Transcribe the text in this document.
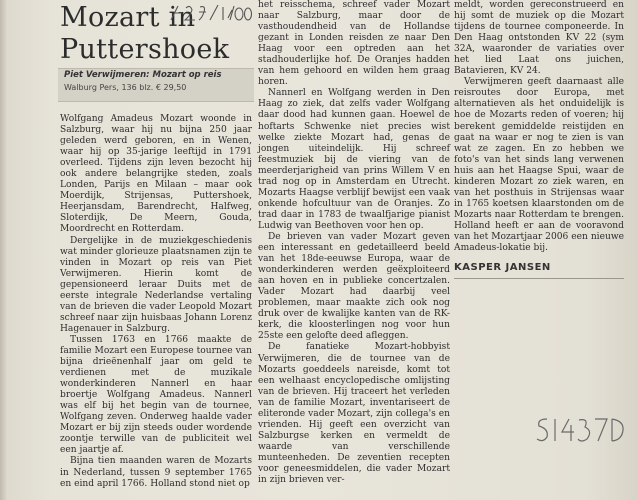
Mozart in
Puttershoek
Piet Verwijmeren: Mozart op reis
Walburg Pers, 136 blz. € 29,50

Wolfgang Amadeus Mozart woonde in Salzburg, waar hij nu bijna 250 jaar geleden werd geboren, en in Wenen, waar hij op 35-jarige leeftijd in 1791 overleed. Tijdens zijn leven bezocht hij ook andere belangrijke steden, zoals Londen, Parijs en Milaan – maar ook Moerdijk, Strijensas, Puttershoek, Heerjansdam, Barendrecht, Halfweg, Sloterdijk, De Meern, Gouda, Moordrecht en Rotterdam.

Dergelijke in de muziekgeschiedenis wat minder glorieuze plaatsnamen zijn te vinden in Mozart op reis van Piet Verwijmeren. Hierin komt de gepensioneerd leraar Duits met de eerste integrale Nederlandse vertaling van de brieven die vader Leopold Mozart schreef naar zijn huisbaas Johann Lorenz Hagenauer in Salzburg.

Tussen 1763 en 1766 maakte de familie Mozart een Europese tournee van bijna drieënenhalf jaar om geld te verdienen met de muzikale wonderkinderen Nannerl en haar broertje Wolfgang Amadeus. Nannerl was elf bij het begin van de tournee, Wolfgang zeven. Onderweg haalde vader Mozart er bij zijn steeds ouder wordende zoontje terwille van de publiciteit wel een jaartje af.

Bijna tien maanden waren de Mozarts in Nederland, tussen 9 september 1765 en eind april 1766. Holland stond niet op

het reisschema, schreef vader Mozart naar Salzburg, maar door de vasthoudendheid van de Hollandse gezant in Londen reisden ze naar Den Haag voor een optreden aan het stadhouderlijke hof. De Oranjes hadden van hem gehoord en wilden hem graag horen.

Nannerl en Wolfgang werden in Den Haag zo ziek, dat zelfs vader Wolfgang daar dood had kunnen gaan. Hoewel de hoftarts Schwenke niet precies wist welke ziekte Mozart had, genas de jongen uiteindelijk. Hij schreef feestmuziek bij de viering van de meerderjarigheid van prins Willem V en trad nog op in Amsterdam en Utrecht. Mozarts Haagse verblijf bewijst een vaak onkende hofcultuur van de Oranjes. Zo trad daar in 1783 de twaalfjarige pianist Ludwig van Beethoven voor hen op.

De brieven van vader Mozart geven een interessant en gedetailleerd beeld van het 18de-eeuwse Europa, waar de wonderkinderen werden geëxploiteerd aan hoven en in publieke concertzalen. Vader Mozart had daarbij veel problemen, maar maakte zich ook nog druk over de kwalijke kanten van de RK-kerk, die kloosterlingen nog voor hun 25ste een gelofte deed afleggen.

De fanatieke Mozart-hobbyist Verwijmeren, die de tournee van de Mozarts goeddeels nareisde, komt tot een welhaast encyclopedische omlijsting van de brieven. Hij traceert het verleden van de familie Mozart, inventariseert de eliteronde vader Mozart, zijn collega's en vrienden. Hij geeft een overzicht van Salzburgse kerken en vermeldt de waarde van verschillende munteenheden. De zeventien recepten voor geneesmiddelen, die vader Mozart in zijn brieven ver-

meldt, worden gereconstrueerd en hij somt de muziek op die Mozart tijdens de tournee componeerde. In Den Haag ontstonden KV 22 (sym 32A, waaronder de variaties over het lied Laat ons juichen, Batavieren, KV 24.

Verwijmeren geeft daarnaast alle reisroutes door Europa, met alternatieven als het onduidelijk is hoe de Mozarts reden of voeren; hij berekent gemiddelde reistijden en gaat na waar er nog te zien is van wat ze zagen. En zo hebben we foto's van het sinds lang verwenen huis aan het Haagse Spui, waar de kinderen Mozart zo ziek waren, en van het posthuis in Strijensas waar in 1765 koetsen klaarstonden om de Mozarts naar Rotterdam te brengen. Holland heeft er aan de vooravond van het Mozartjaar 2006 een nieuwe Amadeus-lokatie bij.

KASPER JANSEN
